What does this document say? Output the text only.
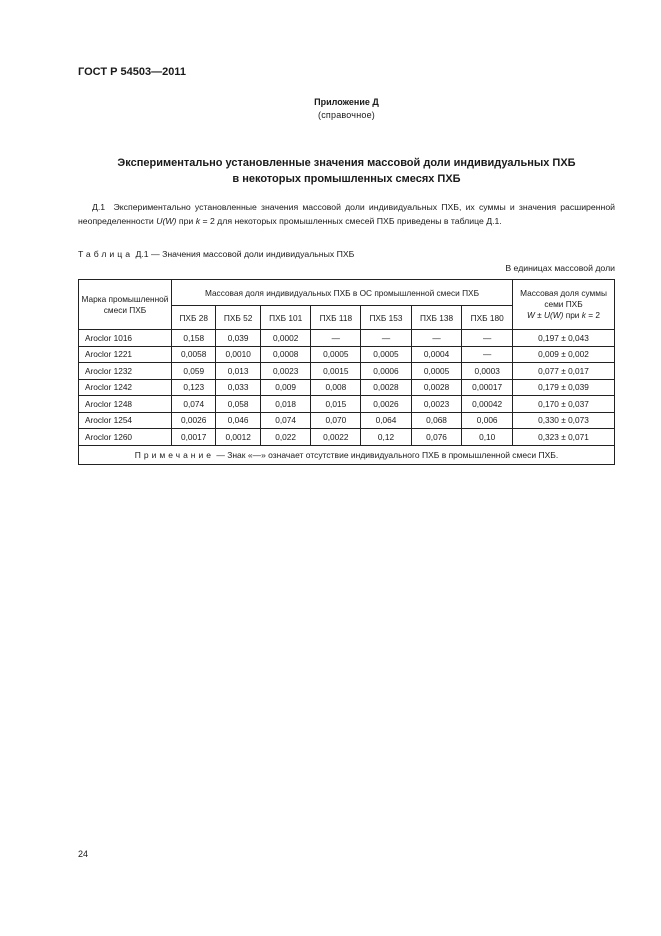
ГОСТ Р 54503—2011
Приложение Д
(справочное)
Экспериментально установленные значения массовой доли индивидуальных ПХБ
в некоторых промышленных смесях ПХБ

Д.1 Экспериментально установленные значения массовой доли индивидуальных ПХБ, их суммы и значения расширенной неопределенности U(W) при k = 2 для некоторых промышленных смесей ПХБ приведены в таблице Д.1.

Таблица Д.1 — Значения массовой доли индивидуальных ПХБ
В единицах массовой доли
Марка промышленной смеси ПХБ	Массовая доля индивидуальных ПХБ в ОС промышленной смеси ПХБ							Массовая доля суммы семи ПХБ
W ± U(W) при k = 2
	ПХБ 28	ПХБ 52	ПХБ 101	ПХБ 118	ПХБ 153	ПХБ 138	ПХБ 180	
Aroclor 1016	0,158	0,039	0,0002	—	—	—	—	0,197 ± 0,043
Aroclor 1221	0,0058	0,0010	0,0008	0,0005	0,0005	0,0004	—	0,009 ± 0,002
Aroclor 1232	0,059	0,013	0,0023	0,0015	0,0006	0,0005	0,0003	0,077 ± 0,017
Aroclor 1242	0,123	0,033	0,009	0,008	0,0028	0,0028	0,00017	0,179 ± 0,039
Aroclor 1248	0,074	0,058	0,018	0,015	0,0026	0,0023	0,00042	0,170 ± 0,037
Aroclor 1254	0,0026	0,046	0,074	0,070	0,064	0,068	0,006	0,330 ± 0,073
Aroclor 1260	0,0017	0,0012	0,022	0,0022	0,12	0,076	0,10	0,323 ± 0,071
Примечание — Знак «—» означает отсутствие индивидуального ПХБ в промышленной смеси ПХБ.								
24
